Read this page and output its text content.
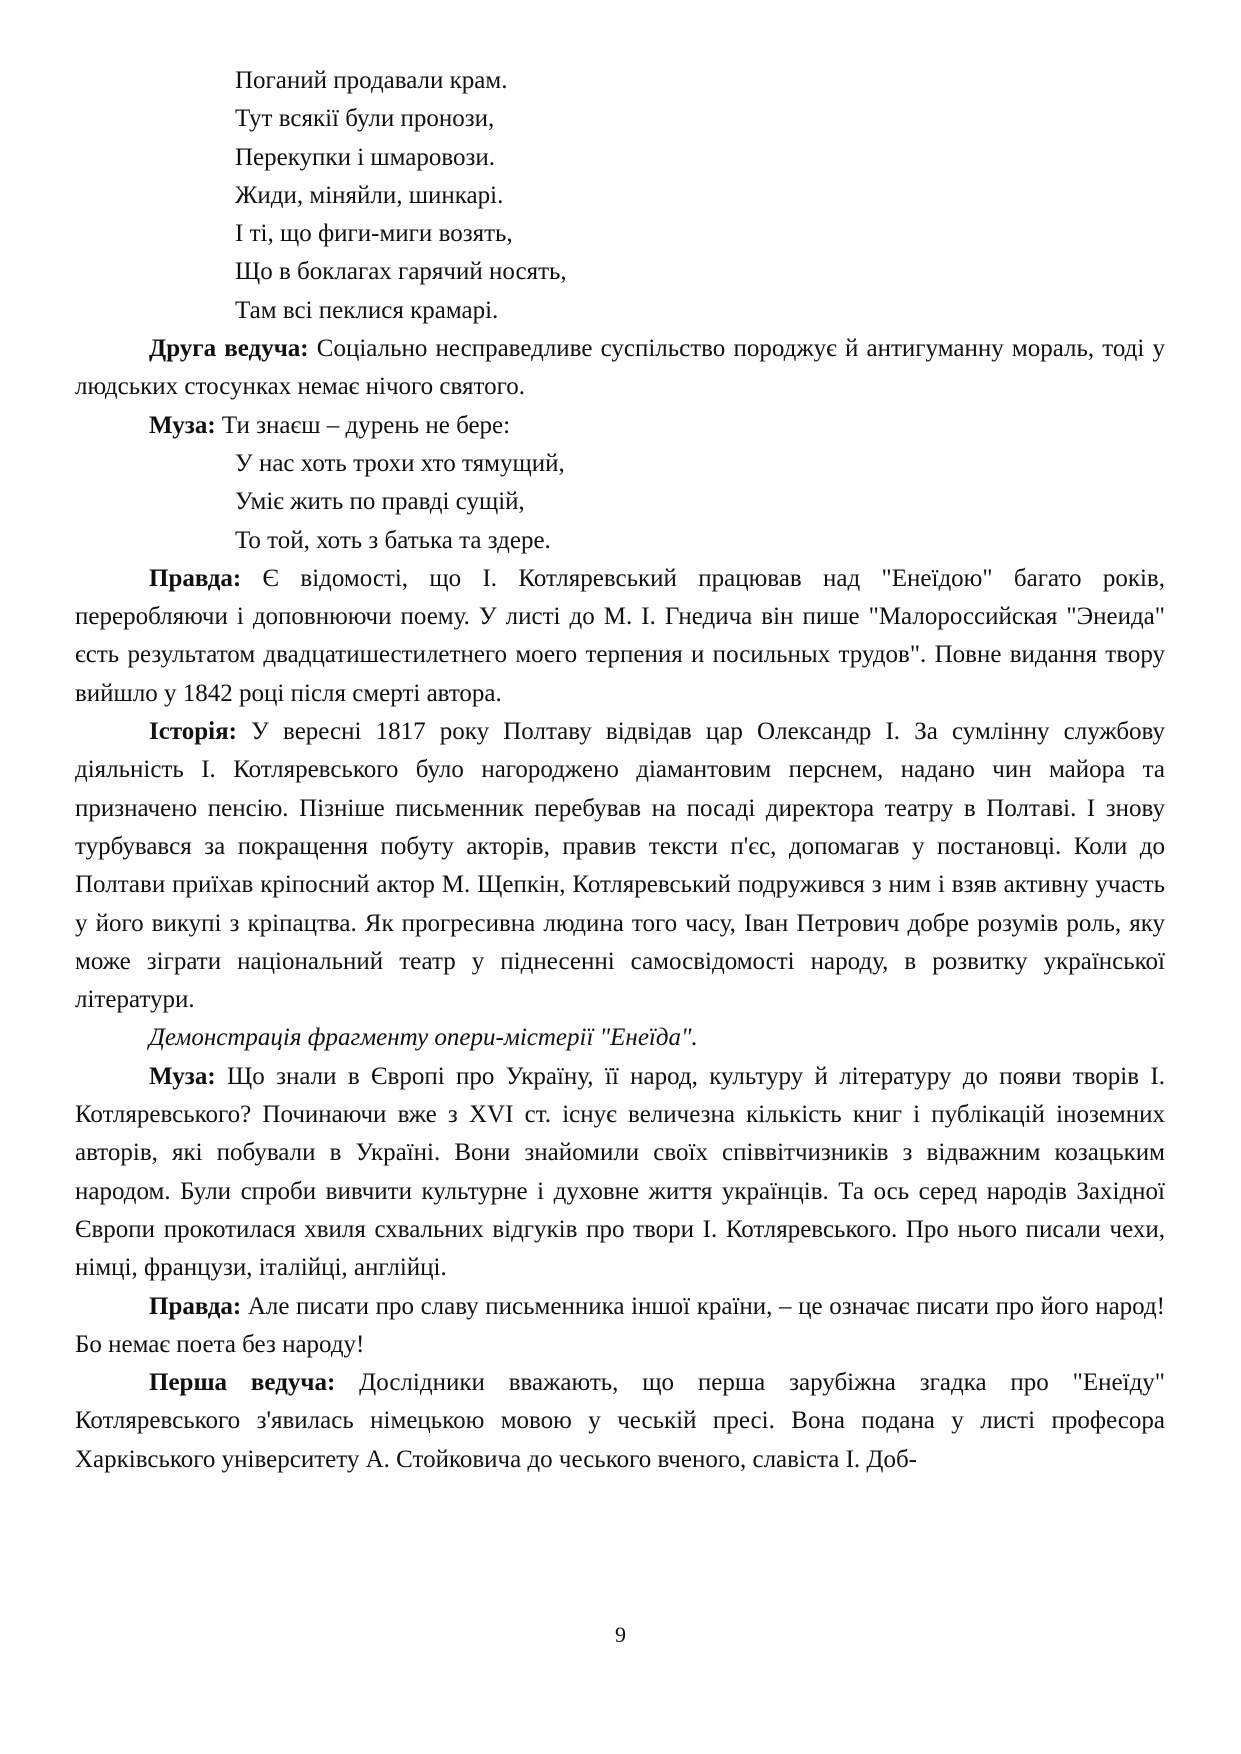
Поганий продавали крам.

Тут всякії були пронози,

Перекупки і шмаровози.

Жиди, міняйли, шинкарі.

І ті, що фиги-миги возять,

Що в боклагах гарячий носять,

Там всі пеклися крамарі.

Друга ведуча: Соціально несправедливе суспільство породжує й антигуманну мораль, тоді у людських стосунках немає нічого святого.

Муза: Ти знаєш – дурень не бере:

У нас хоть трохи хто тямущий,

Уміє жить по правді сущій,

То той, хоть з батька та здере.

Правда: Є відомості, що І. Котляревський працював над "Енеїдою" багато років, переробляючи і доповнюючи поему. У листі до М. І. Гнедича він пише "Малороссийская "Энеида" єсть результатом двадцатишестилетнего моего терпения и посильных трудов". Повне видання твору вийшло у 1842 році після смерті автора.

Історія: У вересні 1817 року Полтаву відвідав цар Олександр І. За сумлінну службову діяльність І. Котляревського було нагороджено діамантовим перснем, надано чин майора та призначено пенсію. Пізніше письменник перебував на посаді директора театру в Полтаві. І знову турбувався за покращення побуту акторів, правив тексти п'єс, допомагав у постановці. Коли до Полтави приїхав кріпосний актор М. Щепкін, Котляревський подружився з ним і взяв активну участь у його викупі з кріпацтва. Як прогресивна людина того часу, Іван Петрович добре розумів роль, яку може зіграти національний театр у піднесенні самосвідомості народу, в розвитку української літератури.

Демонстрація фрагменту опери-містерії "Енеїда".

Муза: Що знали в Європі про Україну, її народ, культуру й літературу до появи творів І. Котляревського? Починаючи вже з XVI ст. існує величезна кількість книг і публікацій іноземних авторів, які побували в Україні. Вони знайомили своїх співвітчизників з відважним козацьким народом. Були спроби вивчити культурне і духовне життя українців. Та ось серед народів Західної Європи прокотилася хвиля схвальних відгуків про твори І. Котляревського. Про нього писали чехи, німці, французи, італійці, англійці.

Правда: Але писати про славу письменника іншої країни, – це означає писати про його народ! Бо немає поета без народу!

Перша ведуча: Дослідники вважають, що перша зарубіжна згадка про "Енеїду" Котляревського з'явилась німецькою мовою у чеській пресі. Вона подана у листі професора Харківського університету А. Стойковича до чеського вченого, славіста І. Доб-

9
